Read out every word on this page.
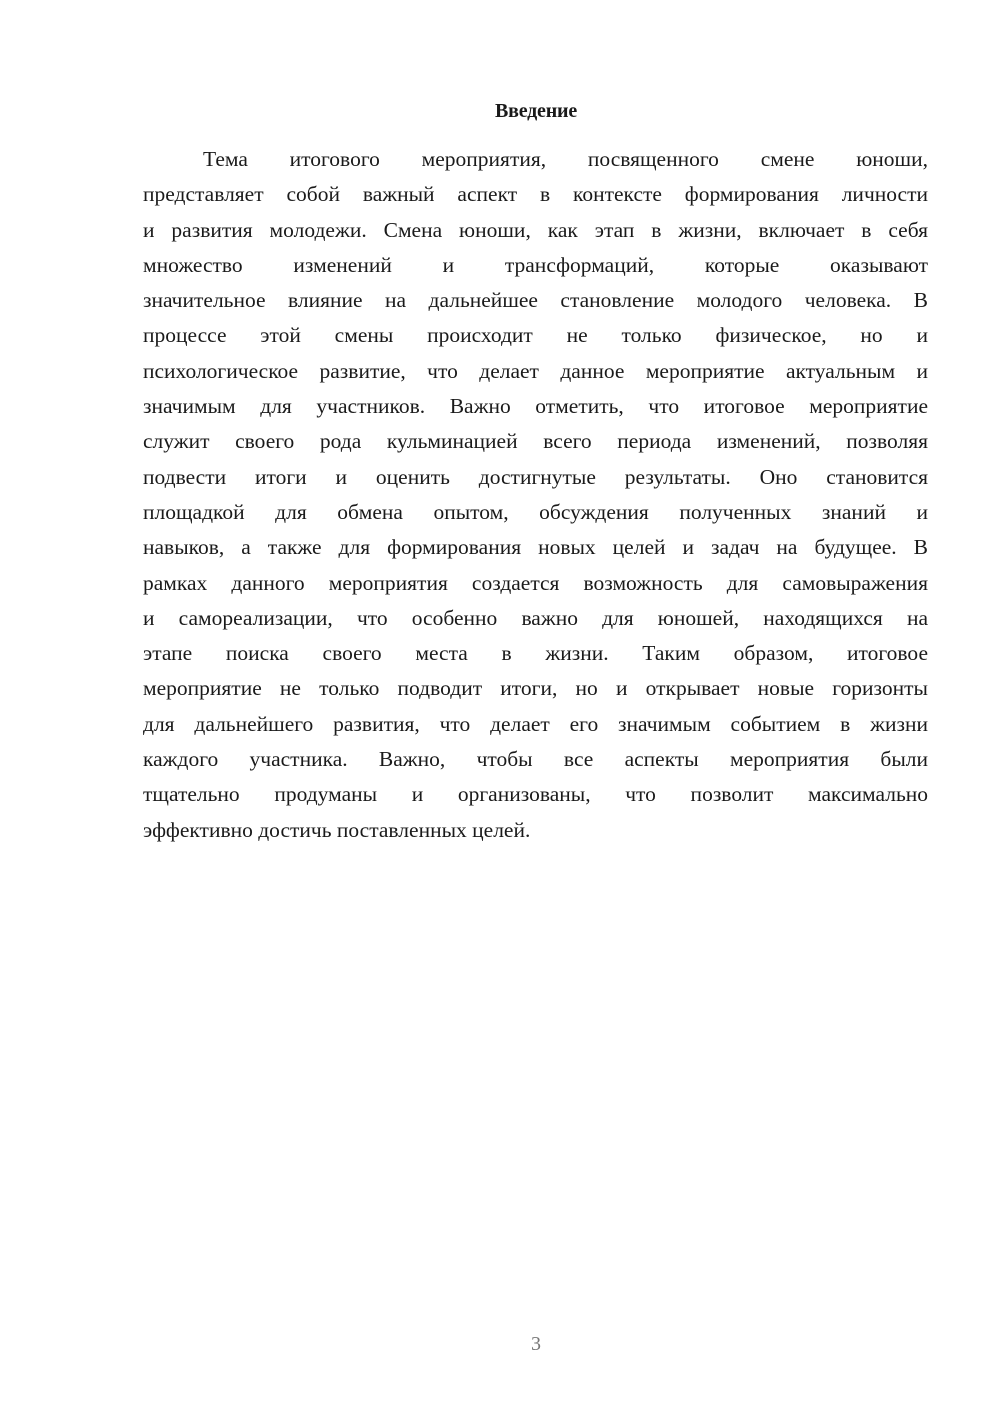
Введение
Тема итогового мероприятия, посвященного смене юноши,
представляет собой важный аспект в контексте формирования личности
и развития молодежи. Смена юноши, как этап в жизни, включает в себя
множество изменений и трансформаций, которые оказывают
значительное влияние на дальнейшее становление молодого человека. В
процессе этой смены происходит не только физическое, но и
психологическое развитие, что делает данное мероприятие актуальным и
значимым для участников. Важно отметить, что итоговое мероприятие
служит своего рода кульминацией всего периода изменений, позволяя
подвести итоги и оценить достигнутые результаты. Оно становится
площадкой для обмена опытом, обсуждения полученных знаний и
навыков, а также для формирования новых целей и задач на будущее. В
рамках данного мероприятия создается возможность для самовыражения
и самореализации, что особенно важно для юношей, находящихся на
этапе поиска своего места в жизни. Таким образом, итоговое
мероприятие не только подводит итоги, но и открывает новые горизонты
для дальнейшего развития, что делает его значимым событием в жизни
каждого участника. Важно, чтобы все аспекты мероприятия были
тщательно продуманы и организованы, что позволит максимально
эффективно достичь поставленных целей.
3
